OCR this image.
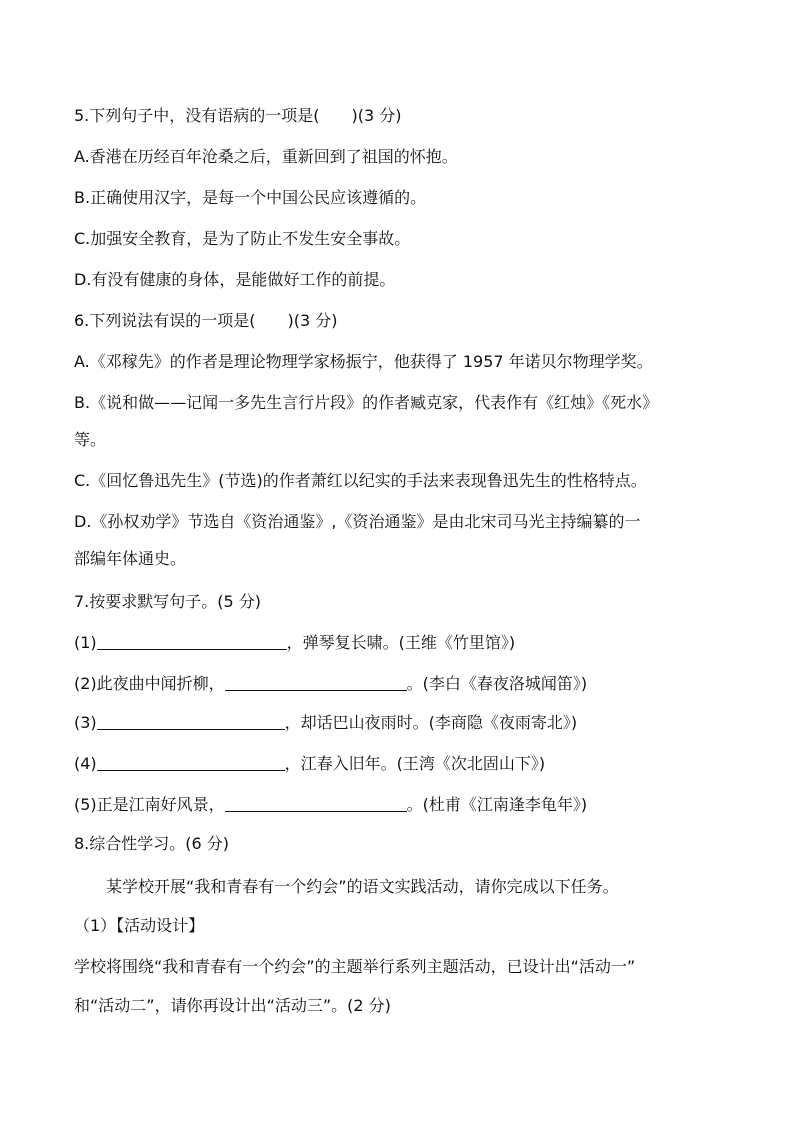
5.下列句子中，没有语病的一项是(　　)(3 分)
A.香港在历经百年沧桑之后，重新回到了祖国的怀抱。
B.正确使用汉字，是每一个中国公民应该遵循的。
C.加强安全教育，是为了防止不发生安全事故。
D.有没有健康的身体，是能做好工作的前提。
6.下列说法有误的一项是(　　)(3 分)
A.《邓稼先》的作者是理论物理学家杨振宁，他获得了 1957 年诺贝尔物理学奖。
B.《说和做——记闻一多先生言行片段》的作者臧克家，代表作有《红烛》《死水》
等。
C.《回忆鲁迅先生》(节选)的作者萧红以纪实的手法来表现鲁迅先生的性格特点。
D.《孙权劝学》节选自《资治通鉴》,《资治通鉴》是由北宋司马光主持编纂的一
部编年体通史。
7.按要求默写句子。(5 分)
(1)	，弹琴复长啸。(王维《竹里馆》)
(2)此夜曲中闻折柳，	。(李白《春夜洛城闻笛》)
(3)	，却话巴山夜雨时。(李商隐《夜雨寄北》)
(4)	，江春入旧年。(王湾《次北固山下》)
(5)正是江南好风景，	。(杜甫《江南逢李龟年》)
8.综合性学习。(6 分)
某学校开展“我和青春有一个约会”的语文实践活动，请你完成以下任务。
（1）【活动设计】
学校将围绕“我和青春有一个约会”的主题举行系列主题活动，已设计出“活动一”
和“活动二”，请你再设计出“活动三”。(2 分)
